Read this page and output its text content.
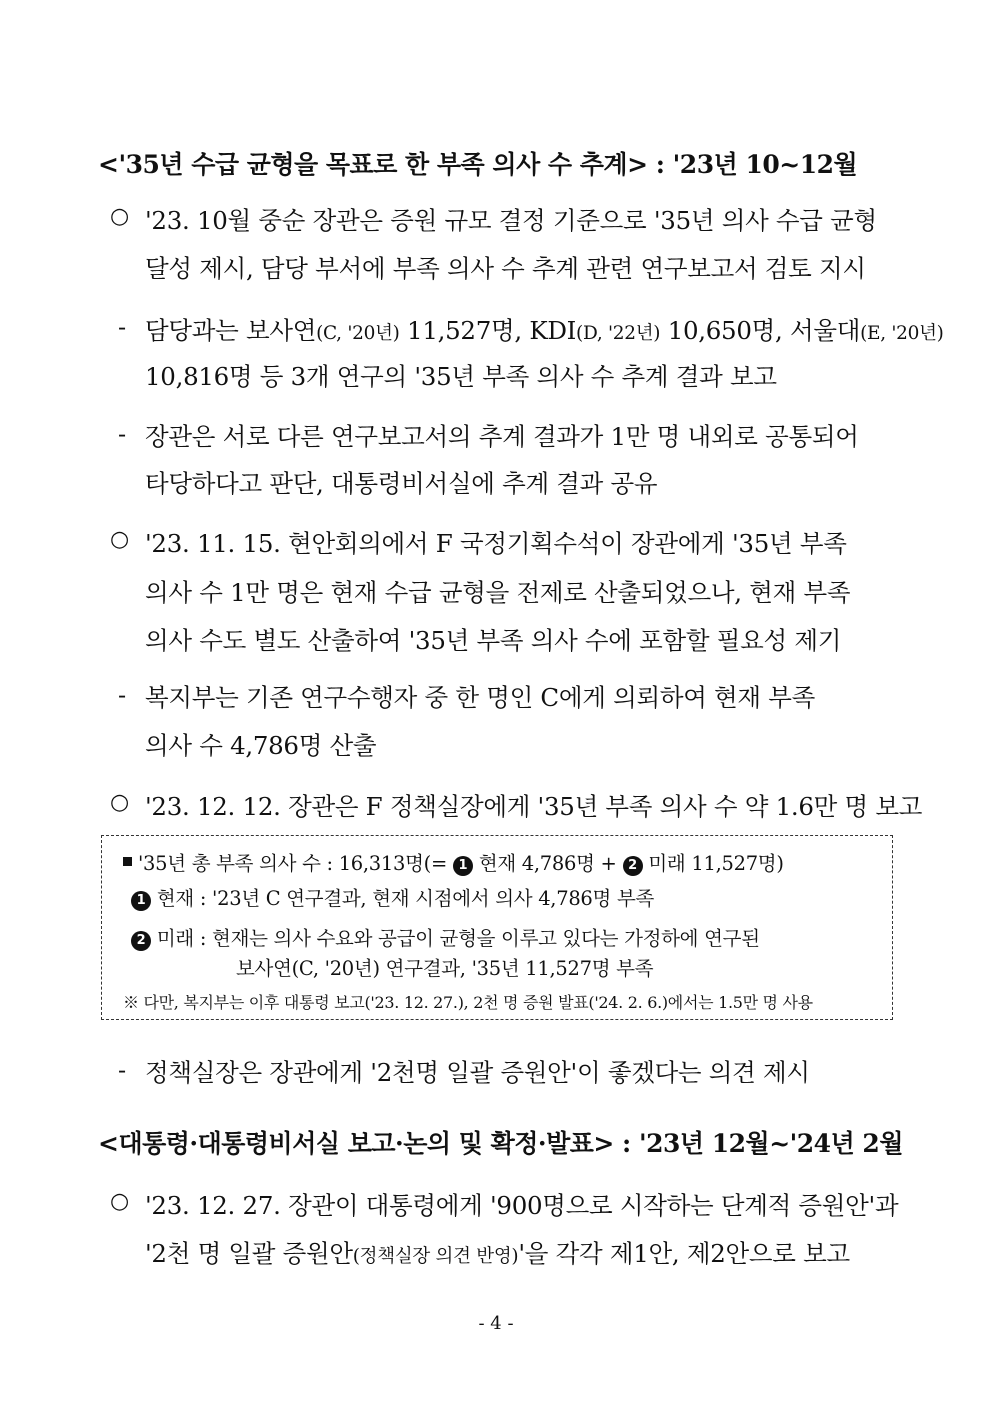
<'35년 수급 균형을 목표로 한 부족 의사 수 추계> : '23년 10~12월
○ '23. 10월 중순 장관은 증원 규모 결정 기준으로 '35년 의사 수급 균형
달성 제시, 담당 부서에 부족 의사 수 추계 관련 연구보고서 검토 지시
- 담당과는 보사연(C, '20년) 11,527명, KDI(D, '22년) 10,650명, 서울대(E, '20년)
10,816명 등 3개 연구의 '35년 부족 의사 수 추계 결과 보고
- 장관은 서로 다른 연구보고서의 추계 결과가 1만 명 내외로 공통되어
타당하다고 판단, 대통령비서실에 추계 결과 공유
○ '23. 11. 15. 현안회의에서 F 국정기획수석이 장관에게 '35년 부족
의사 수 1만 명은 현재 수급 균형을 전제로 산출되었으나, 현재 부족
의사 수도 별도 산출하여 '35년 부족 의사 수에 포함할 필요성 제기
- 복지부는 기존 연구수행자 중 한 명인 C에게 의뢰하여 현재 부족
의사 수 4,786명 산출
○ '23. 12. 12. 장관은 F 정책실장에게 '35년 부족 의사 수 약 1.6만 명 보고
'35년 총 부족 의사 수 : 16,313명(= 1 현재 4,786명 + 2 미래 11,527명)
1 현재 : '23년 C 연구결과, 현재 시점에서 의사 4,786명 부족
2 미래 : 현재는 의사 수요와 공급이 균형을 이루고 있다는 가정하에 연구된
보사연(C, '20년) 연구결과, '35년 11,527명 부족
※ 다만, 복지부는 이후 대통령 보고('23. 12. 27.), 2천 명 증원 발표('24. 2. 6.)에서는 1.5만 명 사용
- 정책실장은 장관에게 '2천명 일괄 증원안'이 좋겠다는 의견 제시
<대통령·대통령비서실 보고·논의 및 확정·발표> : '23년 12월~'24년 2월
○ '23. 12. 27. 장관이 대통령에게 '900명으로 시작하는 단계적 증원안'과
'2천 명 일괄 증원안(정책실장 의견 반영)'을 각각 제1안, 제2안으로 보고
- 4 -
